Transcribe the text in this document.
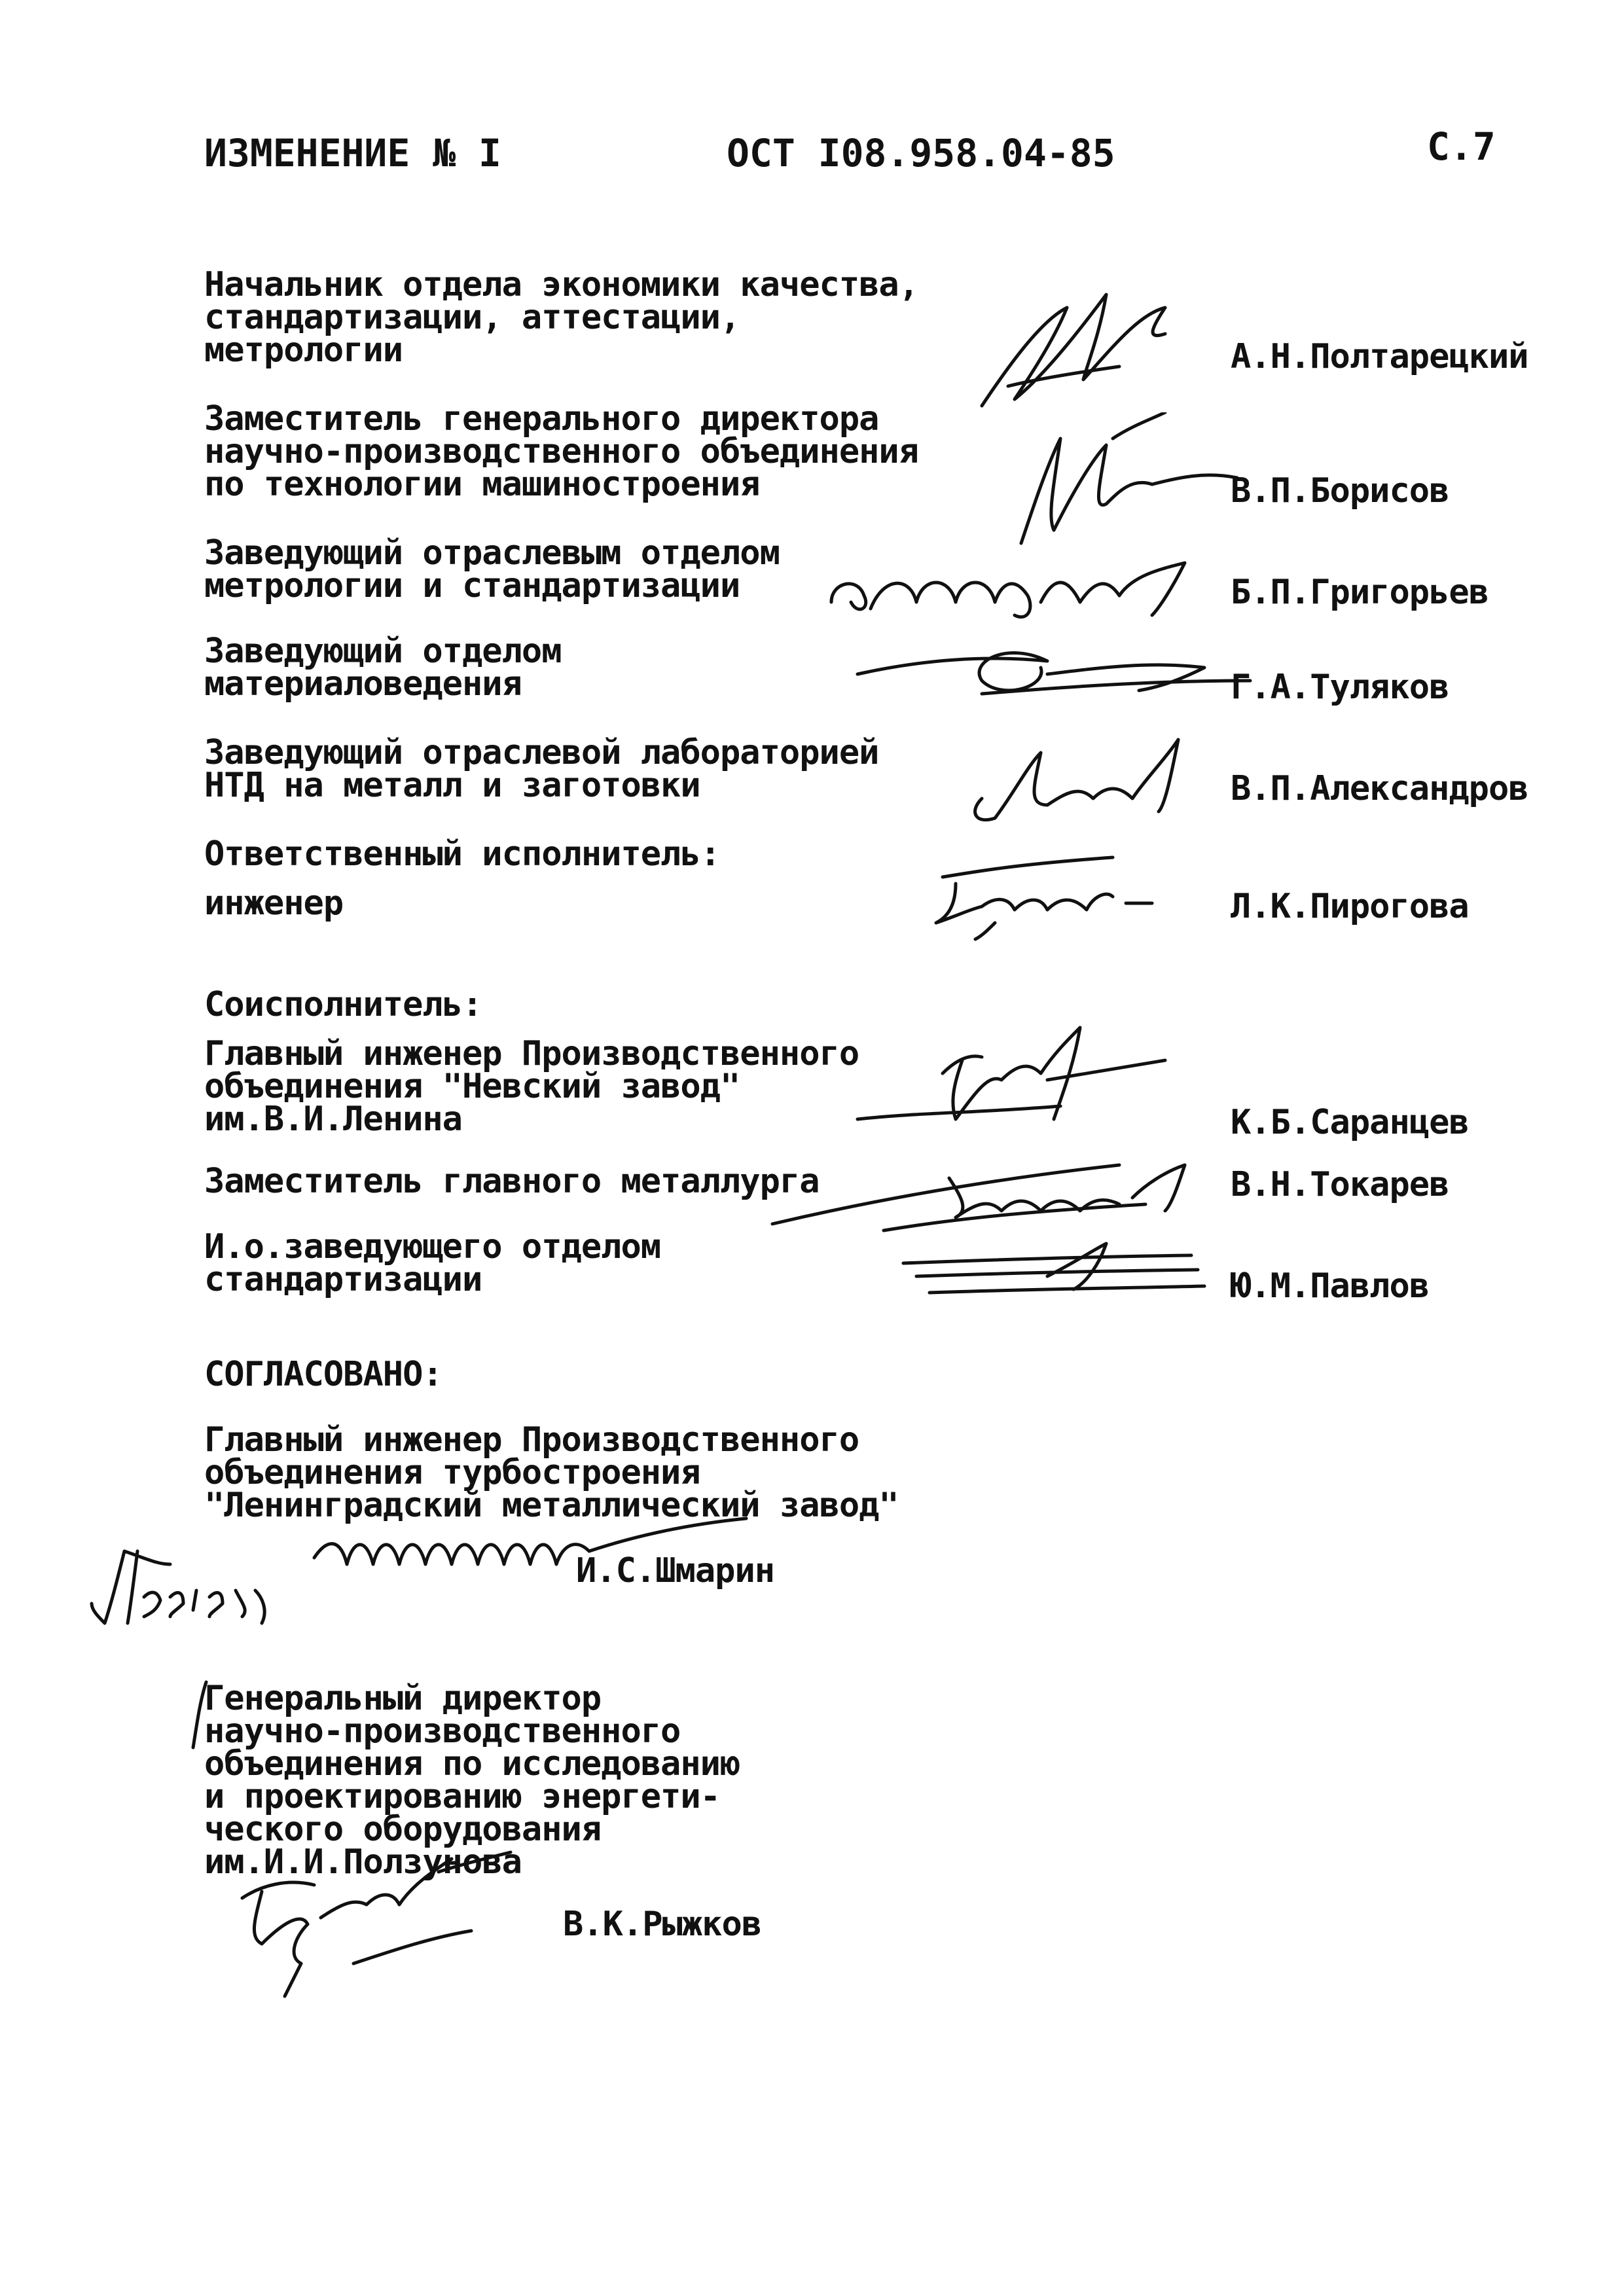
ИЗМЕНЕНИЕ № I	ОСТ I08.958.04-85	С.7
Начальник отдела экономики качества,
стандартизации, аттестации,
метрологии	А.Н.Полтарецкий
Заместитель генерального директора
научно-производственного объединения
по технологии машиностроения	В.П.Борисов
Заведующий отраслевым отделом
метрологии и стандартизации	Б.П.Григорьев
Заведующий отделом
материаловедения	Г.А.Туляков
Заведующий отраслевой лабораторией
НТД на металл и заготовки	В.П.Александров
Ответственный исполнитель:
инженер	Л.К.Пирогова
Соисполнитель:
Главный инженер Производственного
объединения "Невский завод"
им.В.И.Ленина	К.Б.Саранцев
Заместитель главного металлурга	В.Н.Токарев
И.о.заведующего отделом
стандартизации	Ю.М.Павлов
СОГЛАСОВАНО:
Главный инженер Производственного
объединения турбостроения
"Ленинградский металлический завод"
И.С.Шмарин
Генеральный директор
научно-производственного
объединения по исследованию
и проектированию энергети-
ческого оборудования
им.И.И.Ползунова
В.К.Рыжков
